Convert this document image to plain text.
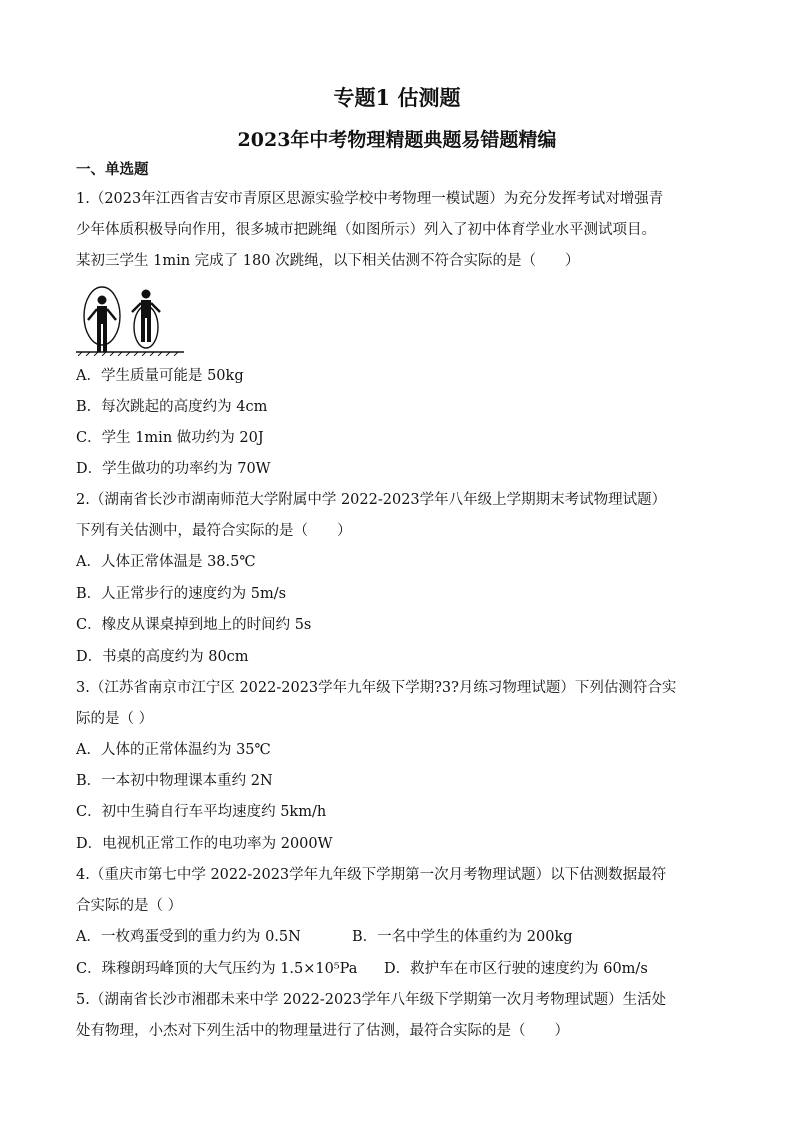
专题1 估测题
2023年中考物理精题典题易错题精编
一、单选题
1.（2023年江西省吉安市青原区思源实验学校中考物理一模试题）为充分发挥考试对增强青
少年体质积极导向作用，很多城市把跳绳（如图所示）列入了初中体育学业水平测试项目。
某初三学生 1min 完成了 180 次跳绳，以下相关估测不符合实际的是（　　）
A．学生质量可能是 50kg
B．每次跳起的高度约为 4cm
C．学生 1min 做功约为 20J
D．学生做功的功率约为 70W
2.（湖南省长沙市湖南师范大学附属中学 2022-2023学年八年级上学期期末考试物理试题）
下列有关估测中，最符合实际的是（　　）
A．人体正常体温是 38.5℃
B．人正常步行的速度约为 5m/s
C．橡皮从课桌掉到地上的时间约 5s
D．书桌的高度约为 80cm
3.（江苏省南京市江宁区 2022-2023学年九年级下学期?3?月练习物理试题）下列估测符合实
际的是（ ）
A．人体的正常体温约为 35℃
B．一本初中物理课本重约 2N
C．初中生骑自行车平均速度约 5km/h
D．电视机正常工作的电功率为 2000W
4.（重庆市第七中学 2022-2023学年九年级下学期第一次月考物理试题）以下估测数据最符
合实际的是（ ）
A．一枚鸡蛋受到的重力约为 0.5N	B．一名中学生的体重约为 200kg
C．珠穆朗玛峰顶的大气压约为 1.5×10⁵Pa D．救护车在市区行驶的速度约为 60m/s
5.（湖南省长沙市湘郡未来中学 2022-2023学年八年级下学期第一次月考物理试题）生活处
处有物理，小杰对下列生活中的物理量进行了估测，最符合实际的是（　　）
